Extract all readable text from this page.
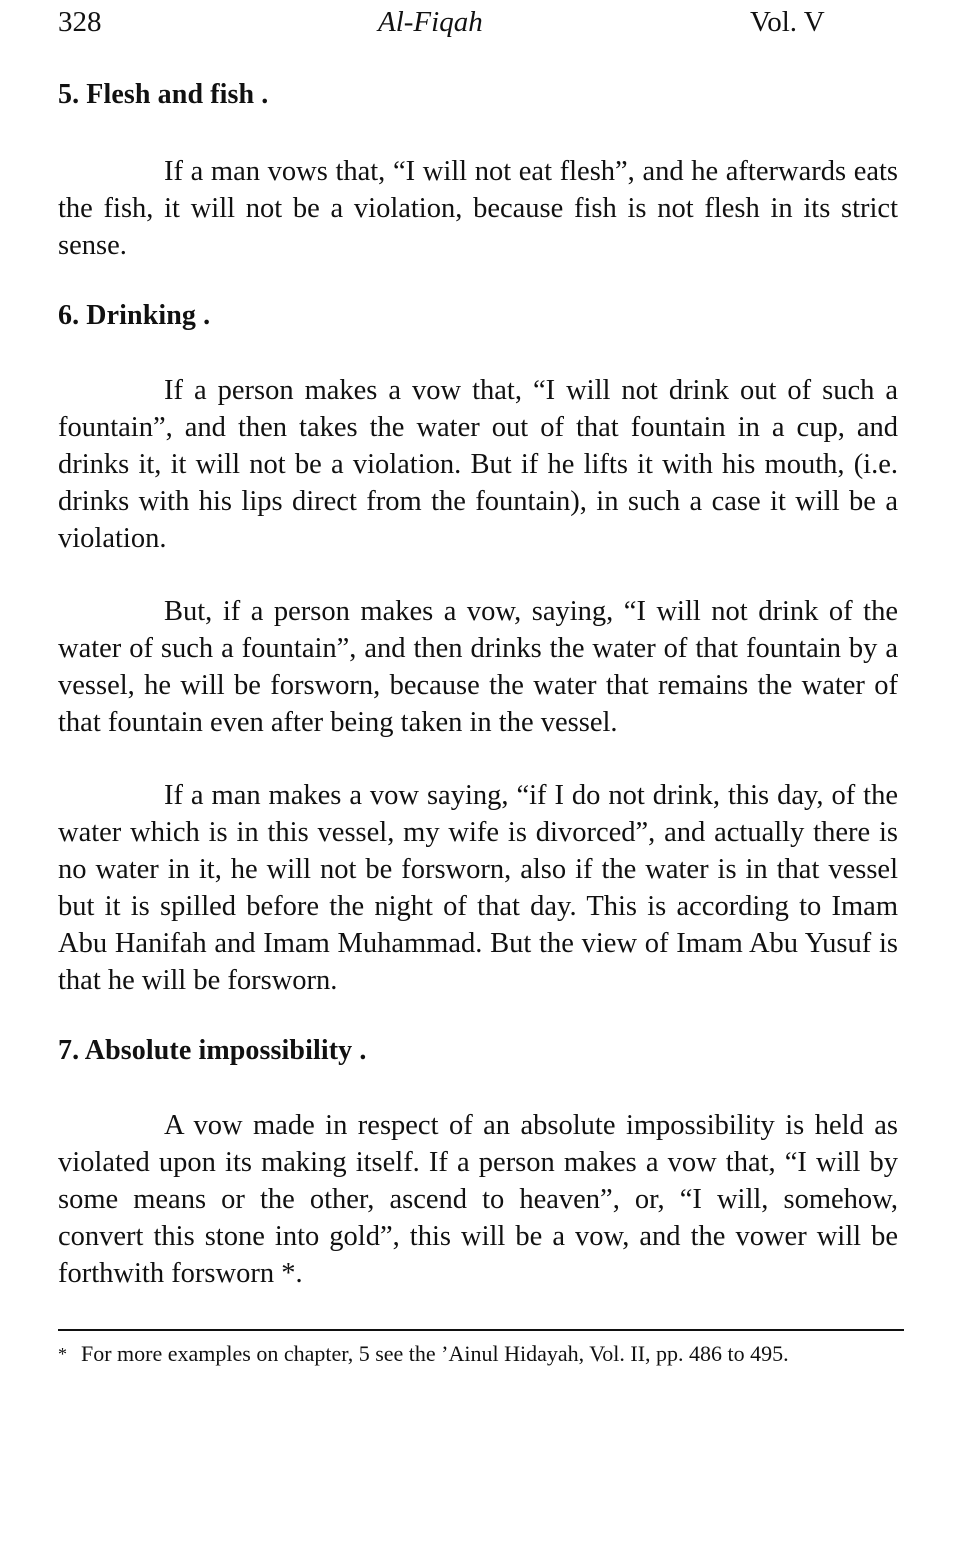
328	Al-Fiqah	Vol. V
5. Flesh and fish .

If a man vows that, “I will not eat flesh”, and he afterwards eats the fish, it will not be a violation, because fish is not flesh in its strict sense.

6. Drinking .

If a person makes a vow that, “I will not drink out of such a fountain”, and then takes the water out of that fountain in a cup, and drinks it, it will not be a violation. But if he lifts it with his mouth, (i.e. drinks with his lips direct from the fountain), in such a case it will be a violation.

But, if a person makes a vow, saying, “I will not drink of the water of such a fountain”, and then drinks the water of that fountain by a vessel, he will be forsworn, because the water that remains the water of that fountain even after being taken in the vessel.

If a man makes a vow saying, “if I do not drink, this day, of the water which is in this vessel, my wife is divorced”, and actually there is no water in it, he will not be forsworn, also if the water is in that vessel but it is spilled before the night of that day. This is according to Imam Abu Hanifah and Imam Muhammad. But the view of Imam Abu Yusuf is that he will be forsworn.

7. Absolute impossibility .

A vow made in respect of an absolute impossibility is held as violated upon its making itself. If a person makes a vow that, “I will by some means or the other, ascend to heaven”, or, “I will, somehow, convert this stone into gold”, this will be a vow, and the vower will be forthwith forsworn *.

* For more examples on chapter, 5 see the ’Ainul Hidayah, Vol. II, pp. 486 to 495.
